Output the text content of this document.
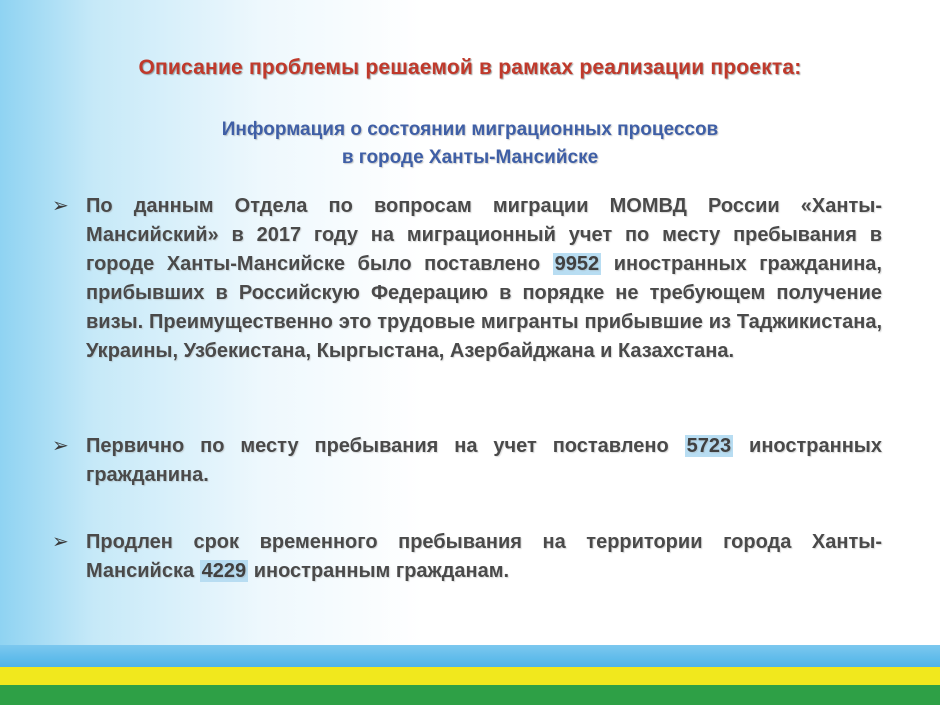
Описание проблемы решаемой в рамках реализации проекта:
Информация о состоянии миграционных процессов
в городе Ханты-Мансийске
➢ По данным Отдела по вопросам миграции МОМВД России «Ханты-Мансийский» в 2017 году на миграционный учет по месту пребывания в городе Ханты-Мансийске было поставлено 9952 иностранных гражданина, прибывших в Российскую Федерацию в порядке не требующем получение визы. Преимущественно это трудовые мигранты прибывшие из Таджикистана, Украины, Узбекистана, Кыргыстана, Азербайджана и Казахстана.
➢ Первично по месту пребывания на учет поставлено 5723 иностранных гражданина.
➢ Продлен срок временного пребывания на территории города Ханты-Мансийска 4229 иностранным гражданам.
